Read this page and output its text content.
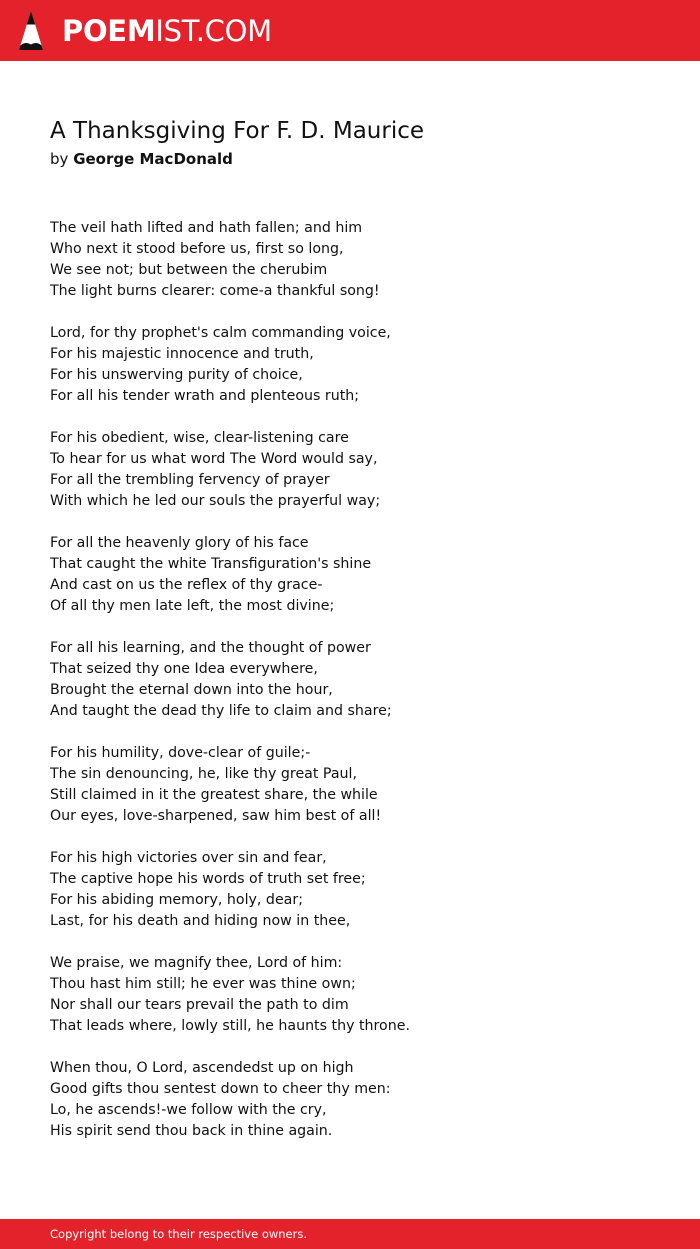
POEMIST.COM
A Thanksgiving For F. D. Maurice
by George MacDonald
The veil hath lifted and hath fallen; and him
Who next it stood before us, first so long,
We see not; but between the cherubim
The light burns clearer: come-a thankful song!
Lord, for thy prophet's calm commanding voice,
For his majestic innocence and truth,
For his unswerving purity of choice,
For all his tender wrath and plenteous ruth;
For his obedient, wise, clear-listening care
To hear for us what word The Word would say,
For all the trembling fervency of prayer
With which he led our souls the prayerful way;
For all the heavenly glory of his face
That caught the white Transfiguration's shine
And cast on us the reflex of thy grace-
Of all thy men late left, the most divine;
For all his learning, and the thought of power
That seized thy one Idea everywhere,
Brought the eternal down into the hour,
And taught the dead thy life to claim and share;
For his humility, dove-clear of guile;-
The sin denouncing, he, like thy great Paul,
Still claimed in it the greatest share, the while
Our eyes, love-sharpened, saw him best of all!
For his high victories over sin and fear,
The captive hope his words of truth set free;
For his abiding memory, holy, dear;
Last, for his death and hiding now in thee,
We praise, we magnify thee, Lord of him:
Thou hast him still; he ever was thine own;
Nor shall our tears prevail the path to dim
That leads where, lowly still, he haunts thy throne.
When thou, O Lord, ascendedst up on high
Good gifts thou sentest down to cheer thy men:
Lo, he ascends!-we follow with the cry,
His spirit send thou back in thine again.
Copyright belong to their respective owners.
